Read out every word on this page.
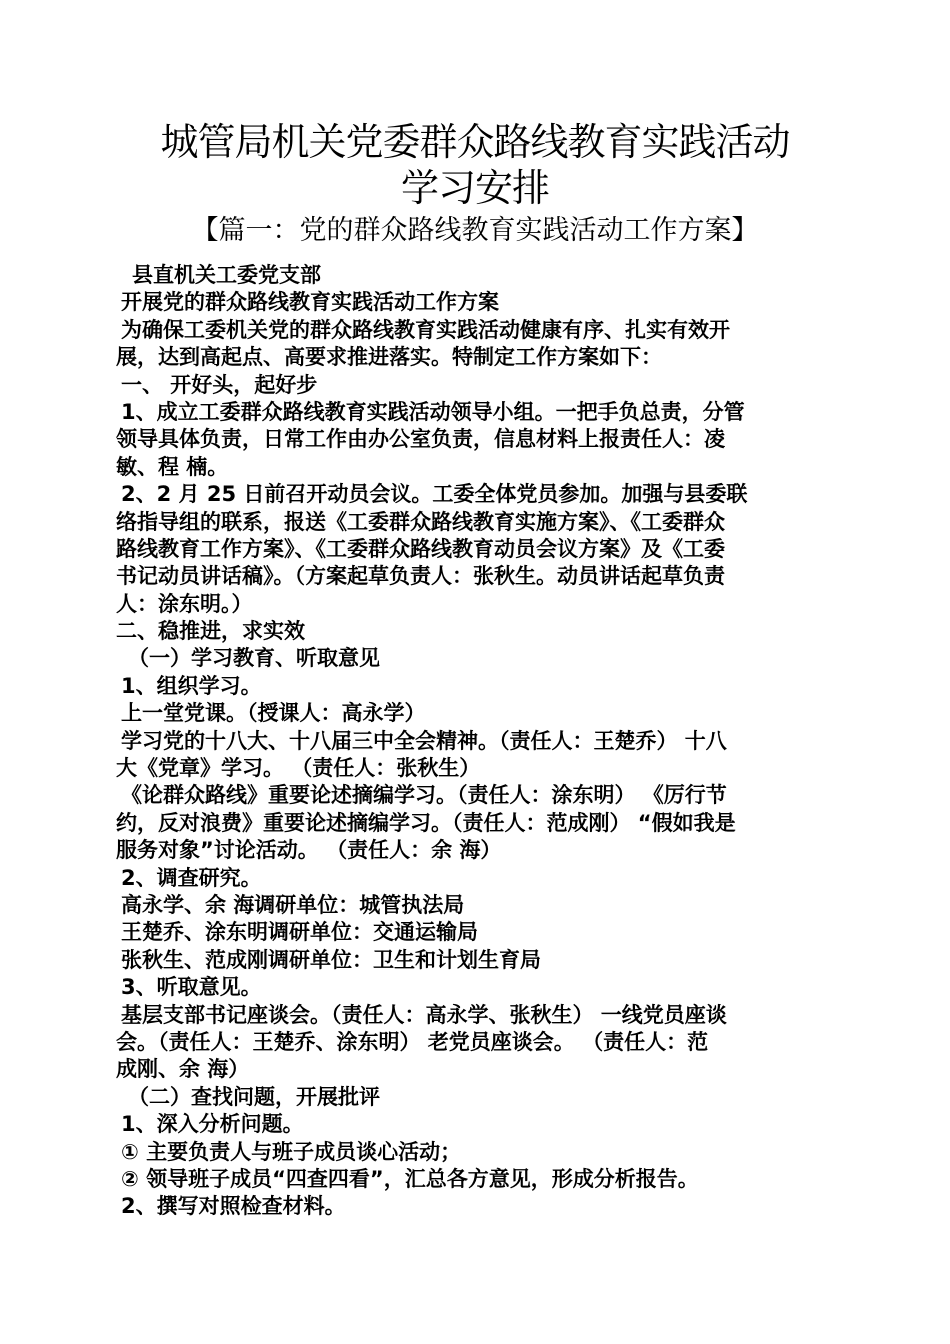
城管局机关党委群众路线教育实践活动
学习安排
【篇一：党的群众路线教育实践活动工作方案】
县直机关工委党支部
开展党的群众路线教育实践活动工作方案
为确保工委机关党的群众路线教育实践活动健康有序、扎实有效开
展，达到高起点、高要求推进落实。特制定工作方案如下：
一、 开好头，起好步
1、成立工委群众路线教育实践活动领导小组。一把手负总责，分管
领导具体负责，日常工作由办公室负责，信息材料上报责任人：凌
敏、程 楠。
2、2 月 25 日前召开动员会议。工委全体党员参加。加强与县委联
络指导组的联系，报送《工委群众路线教育实施方案》、《工委群众
路线教育工作方案》、《工委群众路线教育动员会议方案》及《工委
书记动员讲话稿》。（方案起草负责人：张秋生。动员讲话起草负责
人：涂东明。）
二、稳推进，求实效
（一）学习教育、听取意见
1、组织学习。
上一堂党课。（授课人：高永学）
学习党的十八大、十八届三中全会精神。（责任人：王楚乔） 十八
大《党章》学习。 （责任人：张秋生）
《论群众路线》重要论述摘编学习。（责任人：涂东明） 《厉行节
约，反对浪费》重要论述摘编学习。（责任人：范成刚） “假如我是
服务对象”讨论活动。 （责任人：余 海）
2、调查研究。
高永学、余 海调研单位：城管执法局
王楚乔、涂东明调研单位：交通运输局
张秋生、范成刚调研单位：卫生和计划生育局
3、听取意见。
基层支部书记座谈会。（责任人：高永学、张秋生） 一线党员座谈
会。（责任人：王楚乔、涂东明） 老党员座谈会。 （责任人：范
成刚、余 海）
（二）查找问题，开展批评
1、深入分析问题。
① 主要负责人与班子成员谈心活动；
② 领导班子成员“四查四看”，汇总各方意见，形成分析报告。
2、撰写对照检查材料。
